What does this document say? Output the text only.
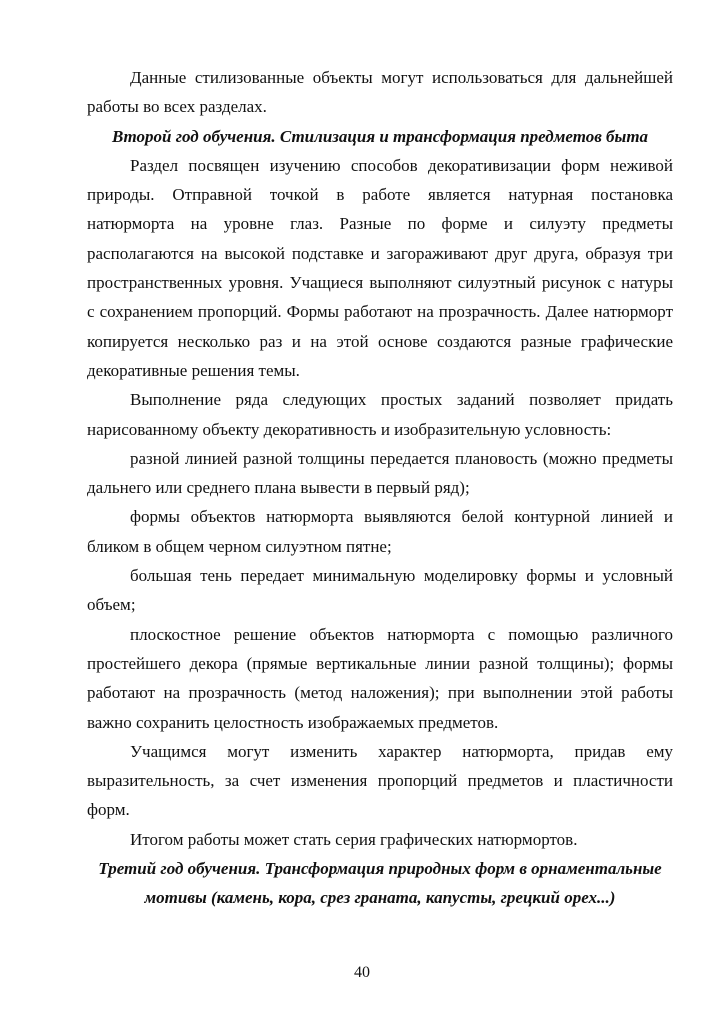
Данные стилизованные объекты могут использоваться для дальнейшей
работы во всех разделах.
Второй год обучения. Стилизация и трансформация предметов быта
Раздел посвящен изучению способов декоративизации форм неживой
природы. Отправной точкой в работе является натурная постановка
натюрморта на уровне глаз. Разные по форме и силуэту предметы
располагаются на высокой подставке и загораживают друг друга, образуя три
пространственных уровня. Учащиеся выполняют силуэтный рисунок с натуры
с сохранением пропорций. Формы работают на прозрачность. Далее натюрморт
копируется несколько раз и на этой основе создаются разные графические
декоративные решения темы.
Выполнение ряда следующих простых заданий позволяет придать
нарисованному объекту декоративность и изобразительную условность:
разной линией разной толщины передается плановость (можно предметы
дальнего или среднего плана вывести в первый ряд);
формы объектов натюрморта выявляются белой контурной линией и
бликом в общем черном силуэтном пятне;
большая тень передает минимальную моделировку формы и условный
объем;
плоскостное решение объектов натюрморта с помощью различного
простейшего декора (прямые вертикальные линии разной толщины); формы
работают на прозрачность (метод наложения); при выполнении этой работы
важно сохранить целостность изображаемых предметов.
Учащимся могут изменить характер натюрморта, придав ему
выразительность, за счет изменения пропорций предметов и пластичности
форм.
Итогом работы может стать серия графических натюрмортов.
Третий год обучения. Трансформация природных форм в орнаментальные
мотивы (камень, кора, срез граната, капусты, грецкий орех...)
40
